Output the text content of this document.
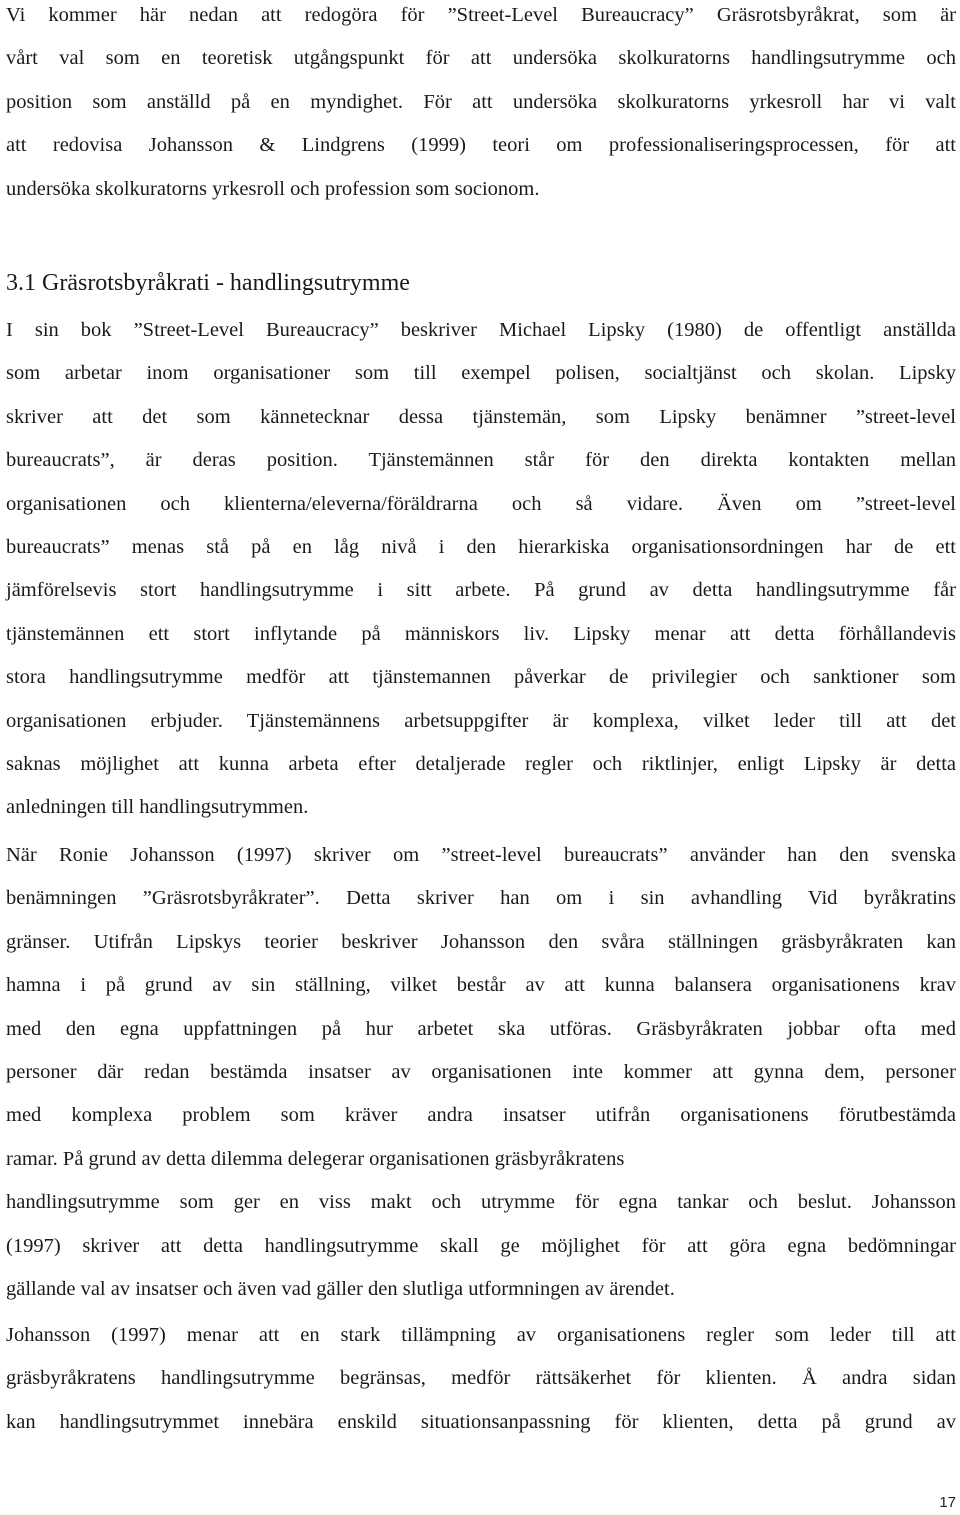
Vi kommer här nedan att redogöra för ”Street-Level Bureaucracy” Gräsrotsbyråkrat, som är
vårt val som en teoretisk utgångspunkt för att undersöka skolkuratorns handlingsutrymme och
position som anställd på en myndighet. För att undersöka skolkuratorns yrkesroll har vi valt
att redovisa Johansson & Lindgrens (1999) teori om professionaliseringsprocessen, för att
undersöka skolkuratorns yrkesroll och profession som socionom.
3.1 Gräsrotsbyråkrati - handlingsutrymme
I sin bok ”Street-Level Bureaucracy” beskriver Michael Lipsky (1980) de offentligt anställda
som arbetar inom organisationer som till exempel polisen, socialtjänst och skolan. Lipsky
skriver att det som kännetecknar dessa tjänstemän, som Lipsky benämner ”street-level
bureaucrats”, är deras position. Tjänstemännen står för den direkta kontakten mellan
organisationen och klienterna/eleverna/föräldrarna och så vidare. Även om ”street-level
bureaucrats” menas stå på en låg nivå i den hierarkiska organisationsordningen har de ett
jämförelsevis stort handlingsutrymme i sitt arbete. På grund av detta handlingsutrymme får
tjänstemännen ett stort inflytande på människors liv. Lipsky menar att detta förhållandevis
stora handlingsutrymme medför att tjänstemannen påverkar de privilegier och sanktioner som
organisationen erbjuder. Tjänstemännens arbetsuppgifter är komplexa, vilket leder till att det
saknas möjlighet att kunna arbeta efter detaljerade regler och riktlinjer, enligt Lipsky är detta
anledningen till handlingsutrymmen.
När Ronie Johansson (1997) skriver om ”street-level bureaucrats” använder han den svenska
benämningen ”Gräsrotsbyråkrater”. Detta skriver han om i sin avhandling Vid byråkratins
gränser. Utifrån Lipskys teorier beskriver Johansson den svåra ställningen gräsbyråkraten kan
hamna i på grund av sin ställning, vilket består av att kunna balansera organisationens krav
med den egna uppfattningen på hur arbetet ska utföras. Gräsbyråkraten jobbar ofta med
personer där redan bestämda insatser av organisationen inte kommer att gynna dem, personer
med komplexa problem som kräver andra insatser utifrån organisationens förutbestämda
ramar. På grund av detta dilemma delegerar organisationen gräsbyråkratens
handlingsutrymme som ger en viss makt och utrymme för egna tankar och beslut. Johansson
(1997) skriver att detta handlingsutrymme skall ge möjlighet för att göra egna bedömningar
gällande val av insatser och även vad gäller den slutliga utformningen av ärendet.
Johansson (1997) menar att en stark tillämpning av organisationens regler som leder till att
gräsbyråkratens handlingsutrymme begränsas, medför rättsäkerhet för klienten. Å andra sidan
kan handlingsutrymmet innebära enskild situationsanpassning för klienten, detta på grund av
17
